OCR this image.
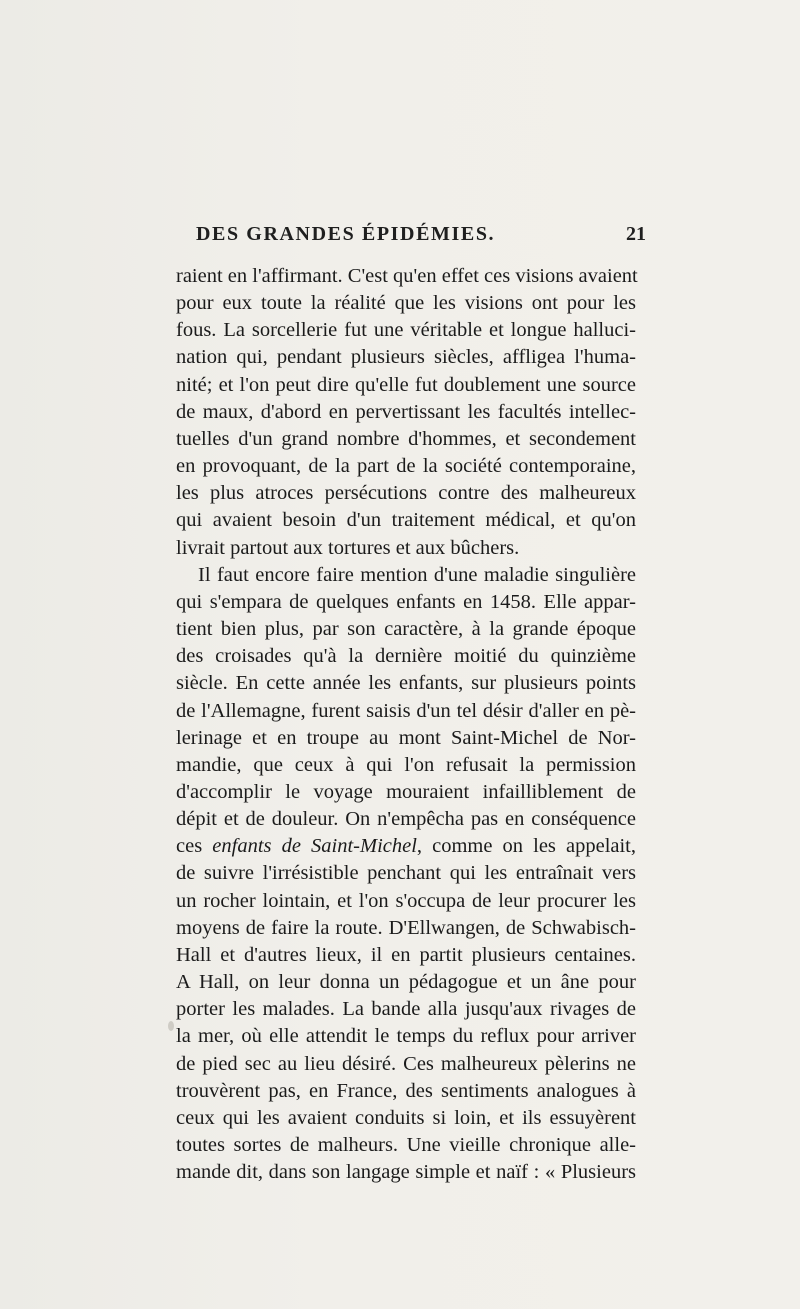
DES GRANDES ÉPIDÉMIES.	21
raient en l'affirmant. C'est qu'en effet ces visions avaient
pour eux toute la réalité que les visions ont pour les
fous. La sorcellerie fut une véritable et longue halluci-
nation qui, pendant plusieurs siècles, affligea l'huma-
nité; et l'on peut dire qu'elle fut doublement une source
de maux, d'abord en pervertissant les facultés intellec-
tuelles d'un grand nombre d'hommes, et secondement
en provoquant, de la part de la société contemporaine,
les plus atroces persécutions contre des malheureux
qui avaient besoin d'un traitement médical, et qu'on
livrait partout aux tortures et aux bûchers.
Il faut encore faire mention d'une maladie singulière
qui s'empara de quelques enfants en 1458. Elle appar-
tient bien plus, par son caractère, à la grande époque
des croisades qu'à la dernière moitié du quinzième
siècle. En cette année les enfants, sur plusieurs points
de l'Allemagne, furent saisis d'un tel désir d'aller en pè-
lerinage et en troupe au mont Saint-Michel de Nor-
mandie, que ceux à qui l'on refusait la permission
d'accomplir le voyage mouraient infailliblement de
dépit et de douleur. On n'empêcha pas en conséquence
ces enfants de Saint-Michel, comme on les appelait,
de suivre l'irrésistible penchant qui les entraînait vers
un rocher lointain, et l'on s'occupa de leur procurer les
moyens de faire la route. D'Ellwangen, de Schwabisch-
Hall et d'autres lieux, il en partit plusieurs centaines.
A Hall, on leur donna un pédagogue et un âne pour
porter les malades. La bande alla jusqu'aux rivages de
la mer, où elle attendit le temps du reflux pour arriver
de pied sec au lieu désiré. Ces malheureux pèlerins ne
trouvèrent pas, en France, des sentiments analogues à
ceux qui les avaient conduits si loin, et ils essuyèrent
toutes sortes de malheurs. Une vieille chronique alle-
mande dit, dans son langage simple et naïf : « Plusieurs
